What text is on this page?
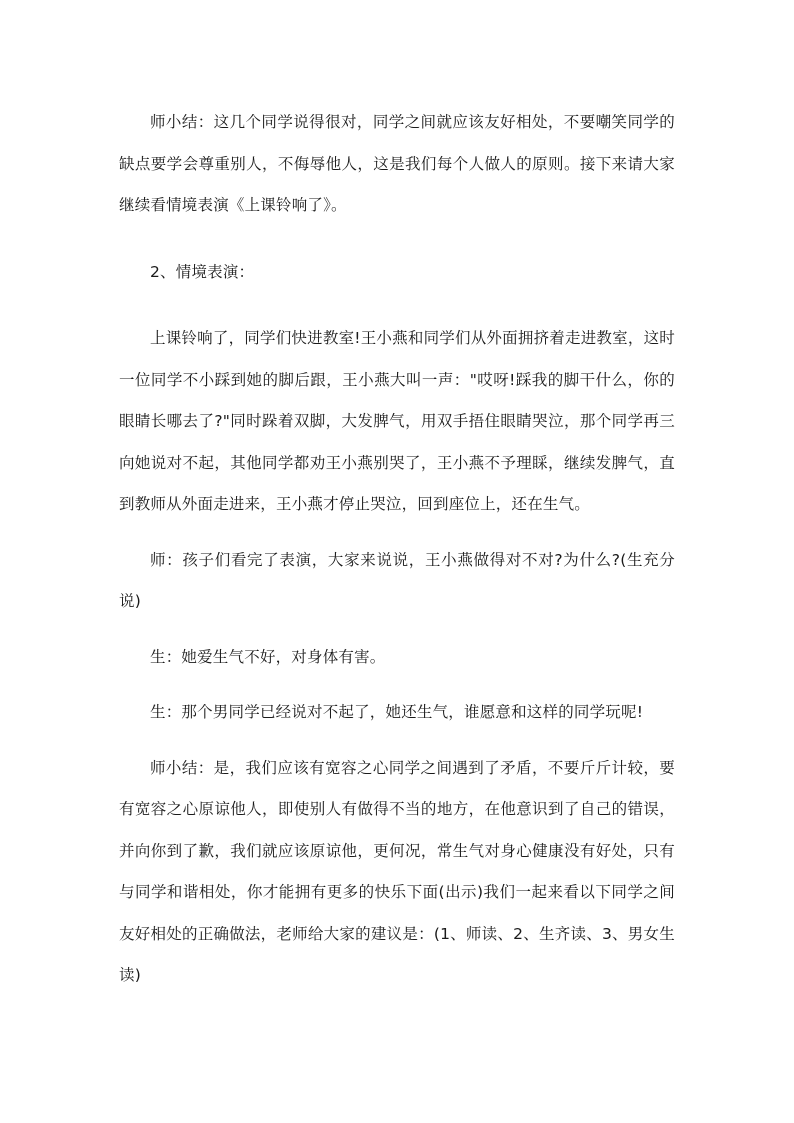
师小结：这几个同学说得很对，同学之间就应该友好相处，不要嘲笑同学的缺点要学会尊重别人，不侮辱他人，这是我们每个人做人的原则。接下来请大家继续看情境表演《上课铃响了》。

2、情境表演：

上课铃响了，同学们快进教室!王小燕和同学们从外面拥挤着走进教室，这时一位同学不小踩到她的脚后跟，王小燕大叫一声："哎呀!踩我的脚干什么，你的眼睛长哪去了?"同时跺着双脚，大发脾气，用双手捂住眼睛哭泣，那个同学再三向她说对不起，其他同学都劝王小燕别哭了，王小燕不予理睬，继续发脾气，直到教师从外面走进来，王小燕才停止哭泣，回到座位上，还在生气。

师：孩子们看完了表演，大家来说说，王小燕做得对不对?为什么?(生充分说)

生：她爱生气不好，对身体有害。

生：那个男同学已经说对不起了，她还生气，谁愿意和这样的同学玩呢!

师小结：是，我们应该有宽容之心同学之间遇到了矛盾，不要斤斤计较，要有宽容之心原谅他人，即使别人有做得不当的地方，在他意识到了自己的错误，并向你到了歉，我们就应该原谅他，更何况，常生气对身心健康没有好处，只有与同学和谐相处，你才能拥有更多的快乐下面(出示)我们一起来看以下同学之间友好相处的正确做法，老师给大家的建议是：(1、师读、2、生齐读、3、男女生读)
